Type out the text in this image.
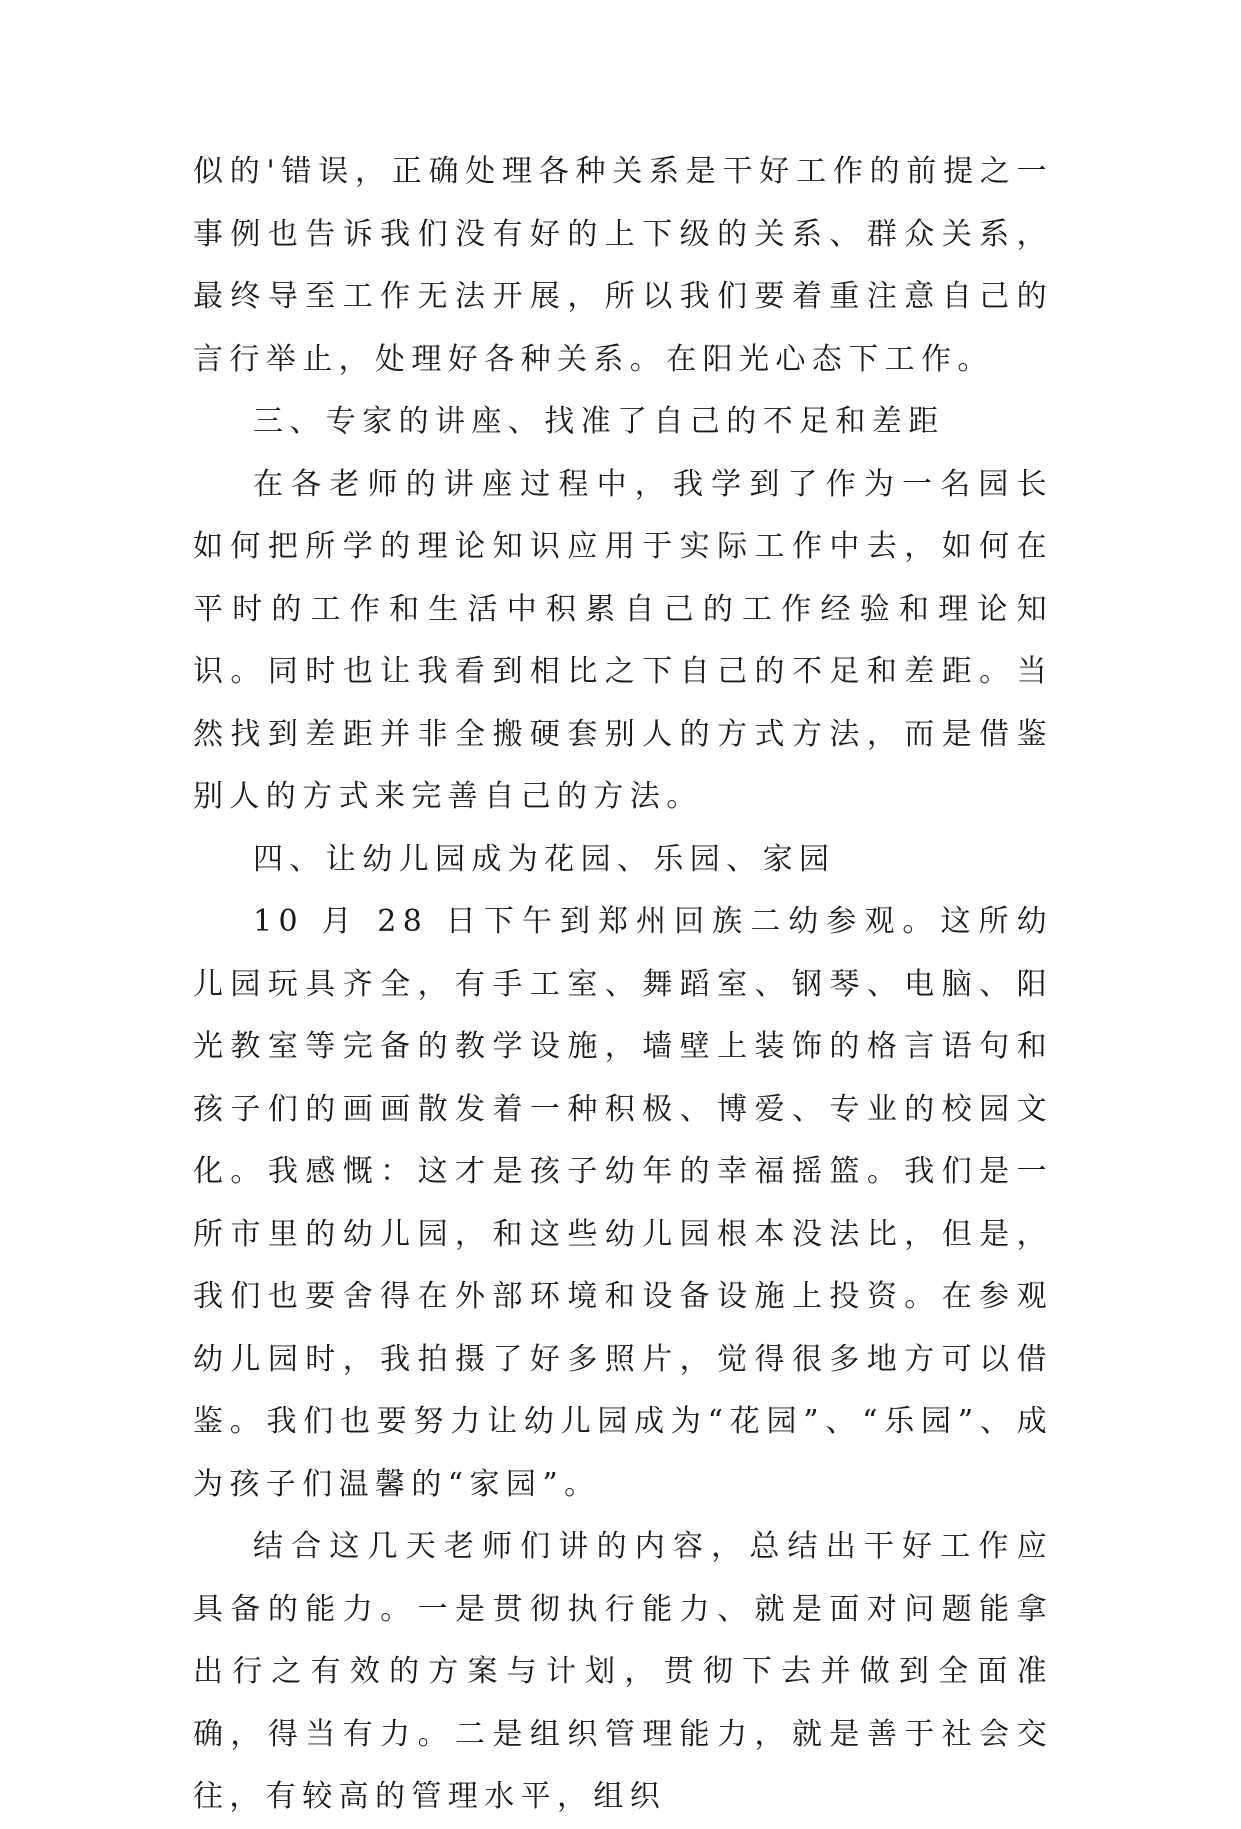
似的'错误，正确处理各种关系是干好工作的前提之一事例也告诉我们没有好的上下级的关系、群众关系，最终导至工作无法开展，所以我们要着重注意自己的言行举止，处理好各种关系。在阳光心态下工作。

三、专家的讲座、找准了自己的不足和差距

在各老师的讲座过程中，我学到了作为一名园长如何把所学的理论知识应用于实际工作中去，如何在平时的工作和生活中积累自己的工作经验和理论知识。同时也让我看到相比之下自己的不足和差距。当然找到差距并非全搬硬套别人的方式方法，而是借鉴别人的方式来完善自己的方法。

四、让幼儿园成为花园、乐园、家园

10 月 28 日下午到郑州回族二幼参观。这所幼儿园玩具齐全，有手工室、舞蹈室、钢琴、电脑、阳光教室等完备的教学设施，墙壁上装饰的格言语句和孩子们的画画散发着一种积极、博爱、专业的校园文化。我感慨：这才是孩子幼年的幸福摇篮。我们是一所市里的幼儿园，和这些幼儿园根本没法比，但是，我们也要舍得在外部环境和设备设施上投资。在参观幼儿园时，我拍摄了好多照片，觉得很多地方可以借鉴。我们也要努力让幼儿园成为“花园”、“乐园”、成为孩子们温馨的“家园”。

结合这几天老师们讲的内容，总结出干好工作应具备的能力。一是贯彻执行能力、就是面对问题能拿出行之有效的方案与计划，贯彻下去并做到全面准确，得当有力。二是组织管理能力，就是善于社会交往，有较高的管理水平，组织
